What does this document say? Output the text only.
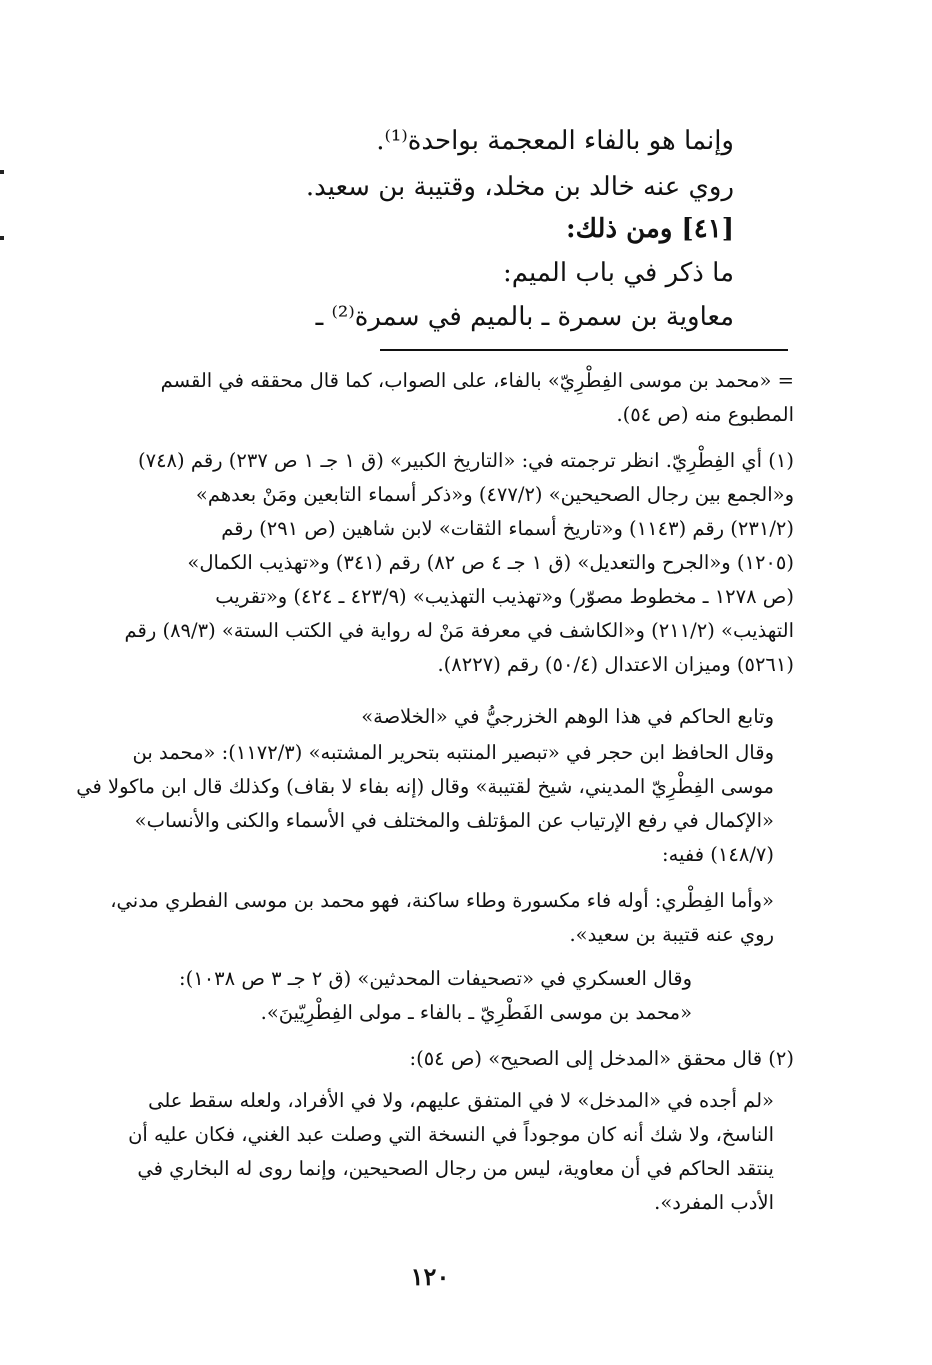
وإنما هو بالفاء المعجمة بواحدة⁽¹⁾.
روي عنه خالد بن مخلد، وقتيبة بن سعيد.
[٤١] ومن ذلك:
ما ذكر في باب الميم:
معاوية بن سمرة ـ بالميم في سمرة⁽²⁾ ـ
= «محمد بن موسى الفِطْرِيّ» بالفاء، على الصواب، كما قال محققه في القسم
المطبوع منه (ص ٥٤).
(١) أي الفِطْرِيّ. انظر ترجمته في: «التاريخ الكبير» (ق ١ جـ ١ ص ٢٣٧) رقم (٧٤٨)
و«الجمع بين رجال الصحيحين» (٤٧٧/٢) و«ذكر أسماء التابعين ومَنْ بعدهم»
(٢٣١/٢) رقم (١١٤٣) و«تاريخ أسماء الثقات» لابن شاهين (ص ٢٩١) رقم
(١٢٠٥) و«الجرح والتعديل» (ق ١ جـ ٤ ص ٨٢) رقم (٣٤١) و«تهذيب الكمال»
(ص ١٢٧٨ ـ مخطوط مصوّر) و«تهذيب التهذيب» (٤٢٣/٩ ـ ٤٢٤) و«تقريب
التهذيب» (٢١١/٢) و«الكاشف في معرفة مَنْ له رواية في الكتب الستة» (٨٩/٣) رقم
(٥٢٦١) وميزان الاعتدال (٥٠/٤) رقم (٨٢٢٧).
وتابع الحاكم في هذا الوهم الخزرجيُّ في «الخلاصة»
وقال الحافظ ابن حجر في «تبصير المنتبه بتحرير المشتبه» (١١٧٢/٣): «محمد بن
موسى الفِطْرِيّ المديني، شيخ لقتيبة» وقال (إنه بفاء لا بقاف) وكذلك قال ابن ماكولا في
«الإكمال في رفع الإرتياب عن المؤتلف والمختلف في الأسماء والكنى والأنساب»
(١٤٨/٧) ففيه:
«وأما الفِطْري: أوله فاء مكسورة وطاء ساكنة، فهو محمد بن موسى الفطري مدني،
روي عنه قتيبة بن سعيد».
وقال العسكري في «تصحيفات المحدثين» (ق ٢ جـ ٣ ص ١٠٣٨):
«محمد بن موسى الفَطْرِيّ ـ بالفاء ـ مولى الفِطْرِيّينَ».
(٢) قال محقق «المدخل إلى الصحيح» (ص ٥٤):
«لم أجده في «المدخل» لا في المتفق عليهم، ولا في الأفراد، ولعله سقط على
الناسخ، ولا شك أنه كان موجوداً في النسخة التي وصلت عبد الغني، فكان عليه أن
ينتقد الحاكم في أن معاوية، ليس من رجال الصحيحين، وإنما روى له البخاري في
الأدب المفرد».
١٢٠
